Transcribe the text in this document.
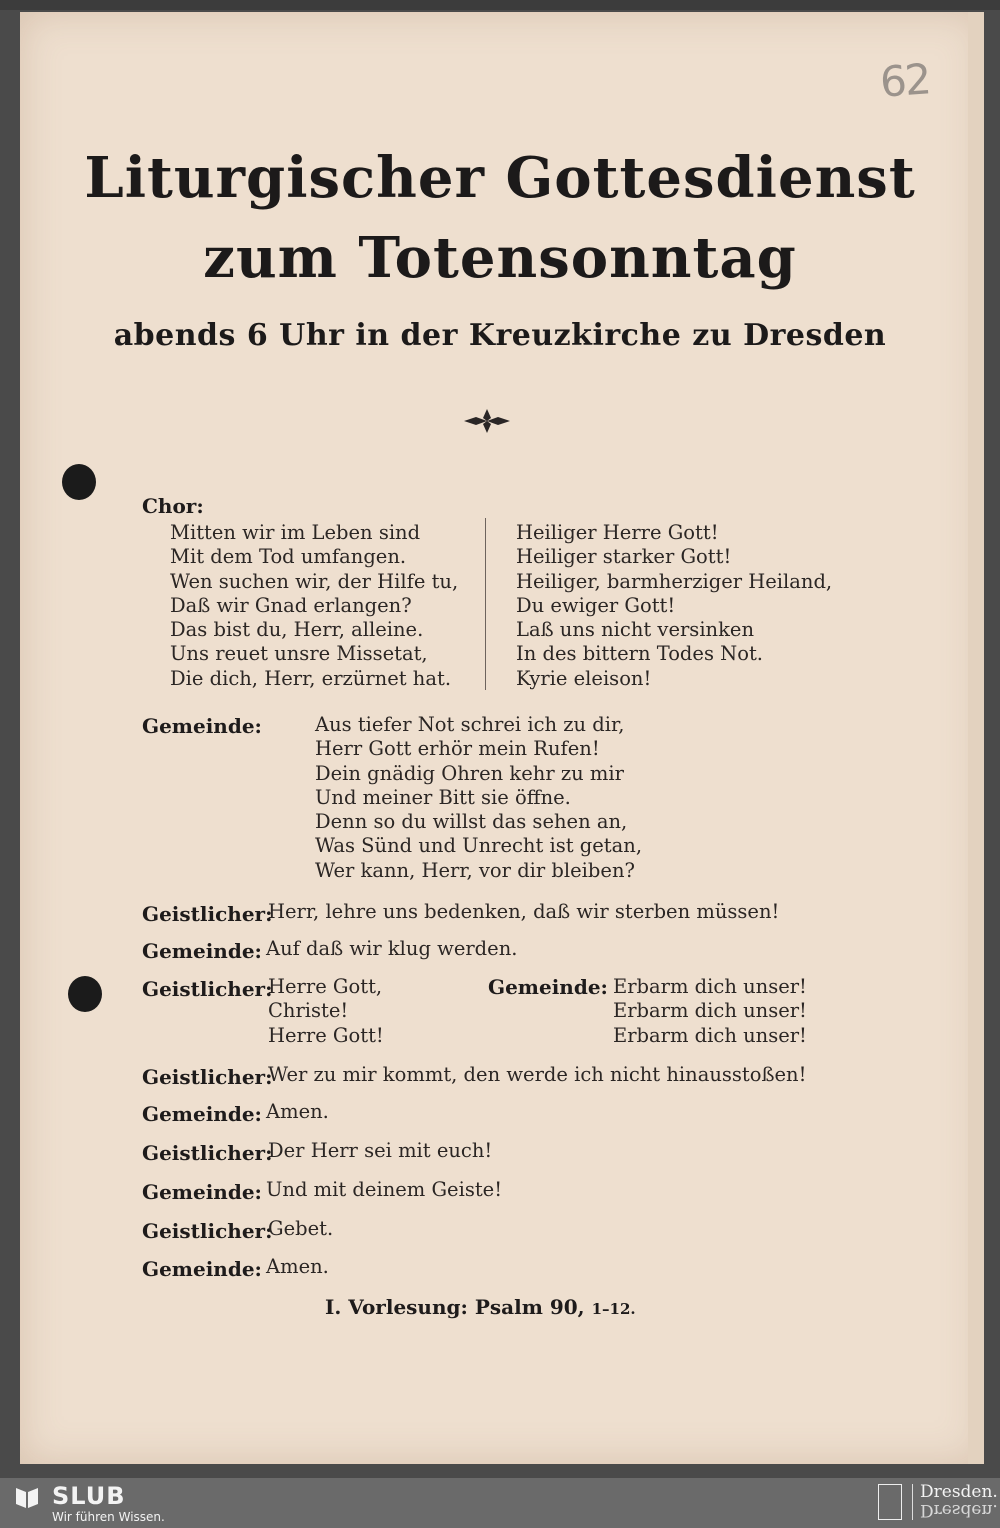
62
Liturgischer Gottesdienst
zum Totensonntag
abends 6 Uhr in der Kreuzkirche zu Dresden
Chor:
Mitten wir im Leben sind
Mit dem Tod umfangen.
Wen suchen wir, der Hilfe tu,
Daß wir Gnad erlangen?
Das bist du, Herr, alleine.
Uns reuet unsre Missetat,
Die dich, Herr, erzürnet hat.
Heiliger Herre Gott!
Heiliger starker Gott!
Heiliger, barmherziger Heiland,
Du ewiger Gott!
Laß uns nicht versinken
In des bittern Todes Not.
Kyrie eleison!
Gemeinde:	Aus tiefer Not schrei ich zu dir,
Herr Gott erhör mein Rufen!
Dein gnädig Ohren kehr zu mir
Und meiner Bitt sie öffne.
Denn so du willst das sehen an,
Was Sünd und Unrecht ist getan,
Wer kann, Herr, vor dir bleiben?
Geistlicher:
Herr, lehre uns bedenken, daß wir sterben müssen!
Gemeinde: Auf daß wir klug werden.
Geistlicher:
Herre Gott,
Christe!
Herre Gott!
Gemeinde: Erbarm dich unser!
Erbarm dich unser!
Erbarm dich unser!
Geistlicher:
Wer zu mir kommt, den werde ich nicht hinausstoßen!
Gemeinde: Amen.
Geistlicher:
Der Herr sei mit euch!
Gemeinde: Und mit deinem Geiste!
Geistlicher:
Gebet.
Gemeinde: Amen.
I. Vorlesung: Psalm 90, 1–12.
SLUB
Wir führen Wissen.
Dresden.
Dresden.
